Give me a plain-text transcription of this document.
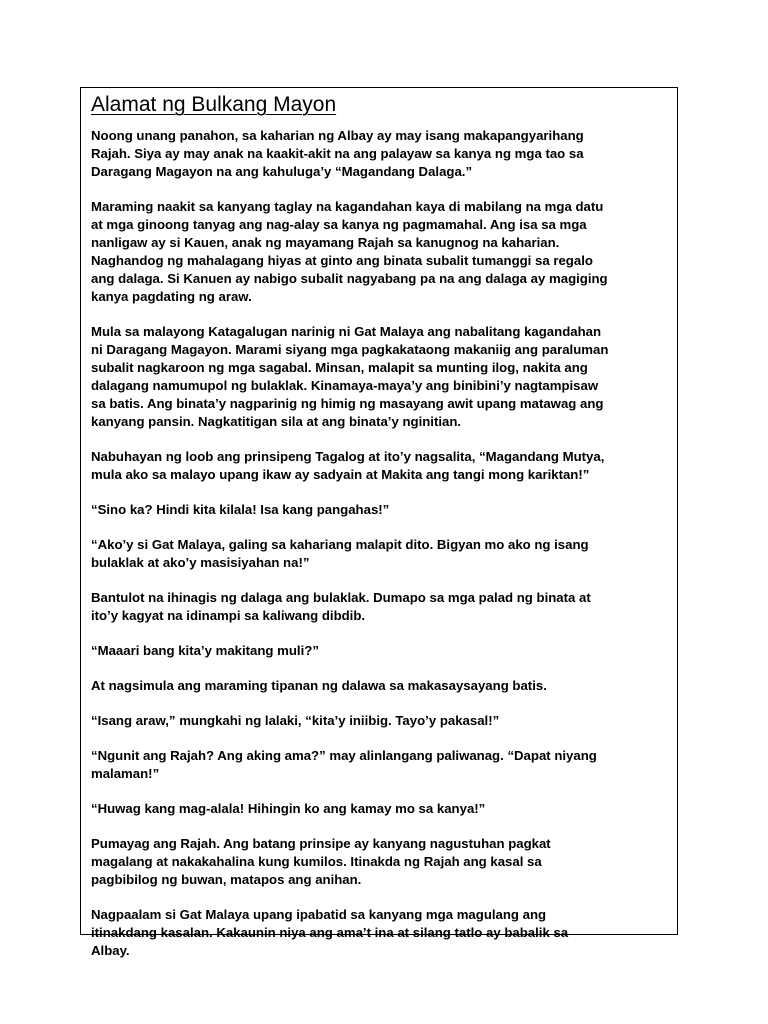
Alamat ng Bulkang Mayon
Noong unang panahon, sa kaharian ng Albay ay may isang makapangyarihang
Rajah. Siya ay may anak na kaakit-akit na ang palayaw sa kanya ng mga tao sa
Daragang Magayon na ang kahuluga’y “Magandang Dalaga.”
Maraming naakit sa kanyang taglay na kagandahan kaya di mabilang na mga datu
at mga ginoong tanyag ang nag-alay sa kanya ng pagmamahal. Ang isa sa mga
nanligaw ay si Kauen, anak ng mayamang Rajah sa kanugnog na kaharian.
Naghandog ng mahalagang hiyas at ginto ang binata subalit tumanggi sa regalo
ang dalaga. Si Kanuen ay nabigo subalit nagyabang pa na ang dalaga ay magiging
kanya pagdating ng araw.
Mula sa malayong Katagalugan narinig ni Gat Malaya ang nabalitang kagandahan
ni Daragang Magayon. Marami siyang mga pagkakataong makaniig ang paraluman
subalit nagkaroon ng mga sagabal. Minsan, malapit sa munting ilog, nakita ang
dalagang namumupol ng bulaklak. Kinamaya-maya’y ang binibini’y nagtampisaw
sa batis. Ang binata’y nagparinig ng himig ng masayang awit upang matawag ang
kanyang pansin. Nagkatitigan sila at ang binata’y nginitian.
Nabuhayan ng loob ang prinsipeng Tagalog at ito’y nagsalita, “Magandang Mutya,
mula ako sa malayo upang ikaw ay sadyain at Makita ang tangi mong kariktan!”
“Sino ka? Hindi kita kilala! Isa kang pangahas!”
“Ako’y si Gat Malaya, galing sa kahariang malapit dito. Bigyan mo ako ng isang
bulaklak at ako’y masisiyahan na!”
Bantulot na ihinagis ng dalaga ang bulaklak. Dumapo sa mga palad ng binata at
ito’y kagyat na idinampi sa kaliwang dibdib.
“Maaari bang kita’y makitang muli?”
At nagsimula ang maraming tipanan ng dalawa sa makasaysayang batis.
“Isang araw,” mungkahi ng lalaki, “kita’y iniibig. Tayo’y pakasal!”
“Ngunit ang Rajah? Ang aking ama?” may alinlangang paliwanag. “Dapat niyang
malaman!”
“Huwag kang mag-alala! Hihingin ko ang kamay mo sa kanya!”
Pumayag ang Rajah. Ang batang prinsipe ay kanyang nagustuhan pagkat
magalang at nakakahalina kung kumilos. Itinakda ng Rajah ang kasal sa
pagbibilog ng buwan, matapos ang anihan.
Nagpaalam si Gat Malaya upang ipabatid sa kanyang mga magulang ang
itinakdang kasalan. Kakaunin niya ang ama’t ina at silang tatlo ay babalik sa
Albay.
